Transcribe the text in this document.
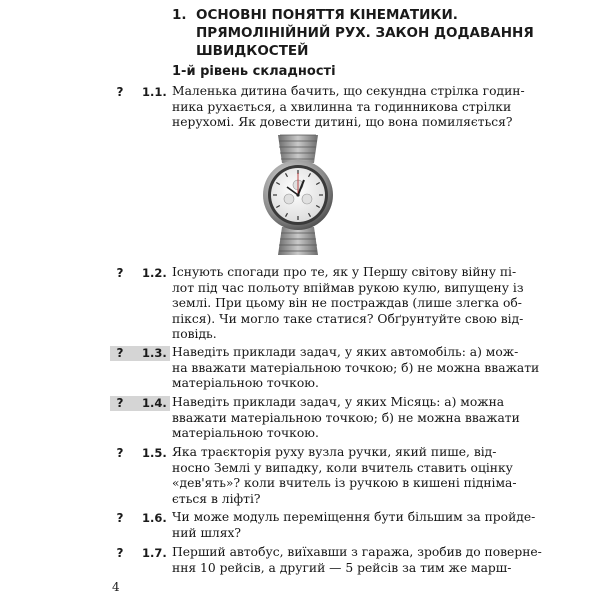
1. ОСНОВНІ ПОНЯТТЯ КІНЕМАТИКИ.
ПРЯМОЛІНІЙНИЙ РУХ. ЗАКОН ДОДАВАННЯ
ШВИДКОСТЕЙ
1-й рівень складності
? 1.1. Маленька дитина бачить, що секундна стрілка годин-
ника рухається, а хвилинна та годинникова стрілки
нерухомі. Як довести дитині, що вона помиляється?
? 1.2. Існують спогади про те, як у Першу світову війну пі-
лот під час польоту впіймав рукою кулю, випущену із
землі. При цьому він не постраждав (лише злегка об-
пікся). Чи могло таке статися? Обґрунтуйте свою від-
повідь.
? 1.3. Наведіть приклади задач, у яких автомобіль: а) мож-
на вважати матеріальною точкою; б) не можна вважати
матеріальною точкою.
? 1.4. Наведіть приклади задач, у яких Місяць: а) можна
вважати матеріальною точкою; б) не можна вважати
матеріальною точкою.
? 1.5. Яка траєкторія руху вузла ручки, який пише, від-
носно Землі у випадку, коли вчитель ставить оцінку
«дев'ять»? коли вчитель із ручкою в кишені підніма-
ється в ліфті?
? 1.6. Чи може модуль переміщення бути більшим за пройде-
ний шлях?
? 1.7. Перший автобус, виїхавши з гаража, зробив до поверне-
ння 10 рейсів, а другий — 5 рейсів за тим же марш-
4
